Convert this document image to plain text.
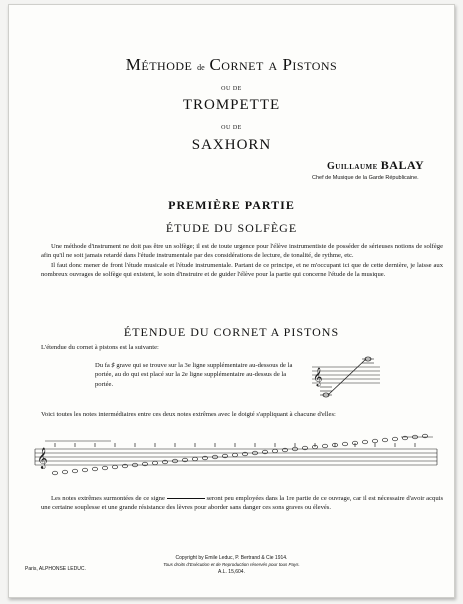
Méthode de Cornet a Pistons
OU DE
TROMPETTE
OU DE
SAXHORN
Guillaume BALAY
Chef de Musique de la Garde Républicaine.
PREMIÈRE PARTIE
ÉTUDE DU SOLFÈGE

Une méthode d'instrument ne doit pas être un solfège; il est de toute urgence pour l'élève instrumentiste de posséder de sérieuses notions de solfège afin qu'il ne soit jamais retardé dans l'étude instrumentale par des considérations de lecture, de tonalité, de rythme, etc.

Il faut donc mener de front l'étude musicale et l'étude instrumentale. Partant de ce principe, et ne m'occupant ici que de cette dernière, je laisse aux nombreux ouvrages de solfège qui existent, le soin d'instruire et de guider l'élève pour la partie qui concerne l'étude de la musique.

ÉTENDUE DU CORNET A PISTONS
L'étendue du cornet à pistons est la suivante:
Du fa ♯ grave qui se trouve sur la 3e ligne supplémentaire au-dessous de la portée, au do qui est placé sur la 2e ligne supplémentaire au-dessus de la portée.	𝄞
Voici toutes les notes intermédiaires entre ces deux notes extrêmes avec le doigté s'appliquant à chacune d'elles:
𝄞

Les notes extrêmes surmontées de ce signe	seront peu employées dans la 1re partie de ce ouvrage, car il est nécessaire d'avoir acquis une certaine souplesse et une grande résistance des lèvres pour aborder sans danger ces sons graves ou élevés.

Copyright by Emile Leduc, P. Bertrand & Cie 1914.
Tous droits d'Exécution et de Reproduction réservés pour tous Pays.
A.L. 15,604.
Paris, ALPHONSE LEDUC.
